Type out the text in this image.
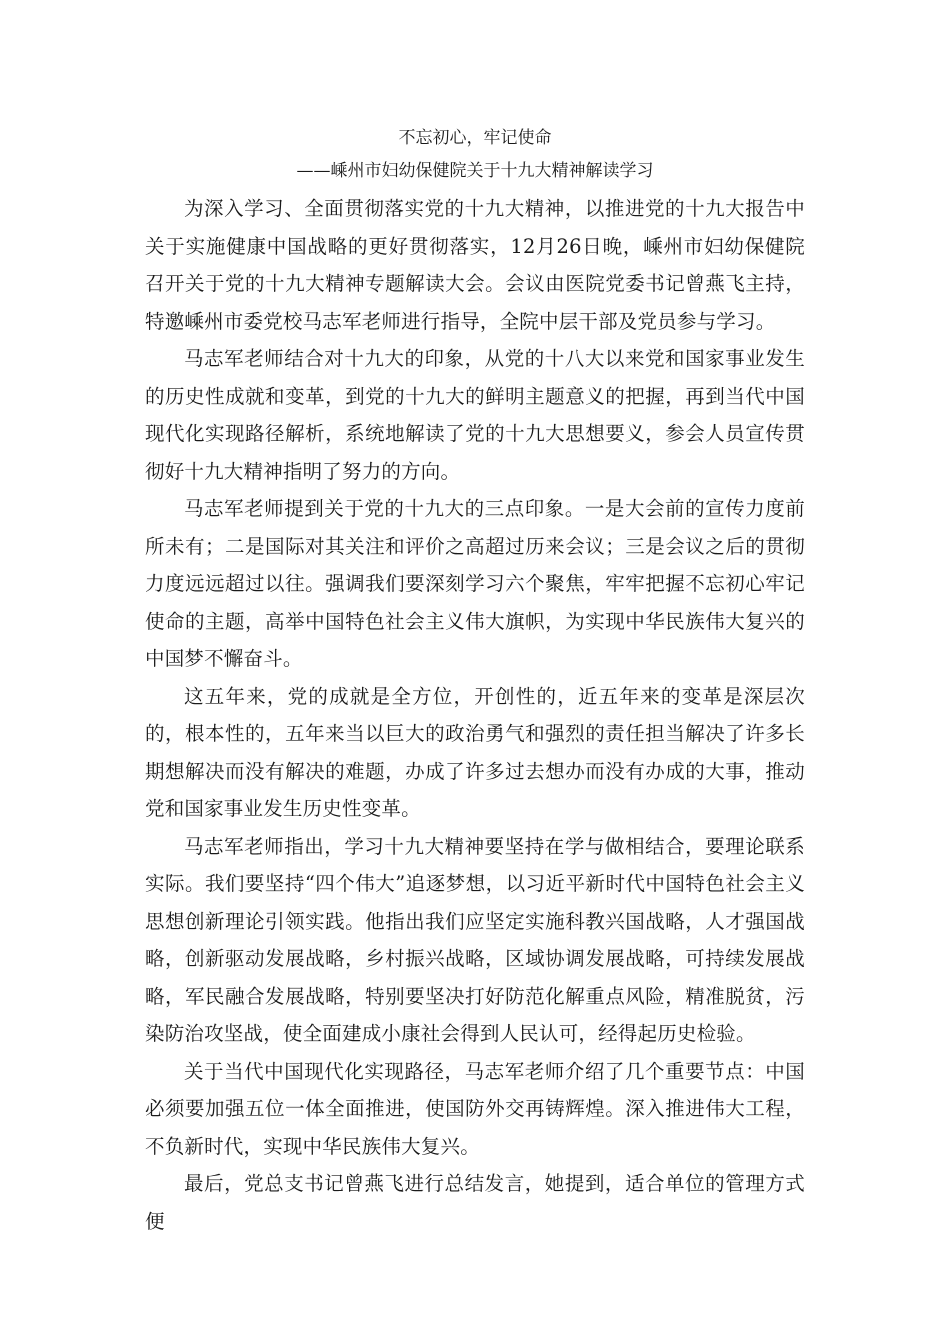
不忘初心，牢记使命
——嵊州市妇幼保健院关于十九大精神解读学习

为深入学习、全面贯彻落实党的十九大精神，以推进党的十九大报告中关于实施健康中国战略的更好贯彻落实，12月26日晚，嵊州市妇幼保健院召开关于党的十九大精神专题解读大会。会议由医院党委书记曾燕飞主持，特邀嵊州市委党校马志军老师进行指导，全院中层干部及党员参与学习。

马志军老师结合对十九大的印象，从党的十八大以来党和国家事业发生的历史性成就和变革，到党的十九大的鲜明主题意义的把握，再到当代中国现代化实现路径解析，系统地解读了党的十九大思想要义，参会人员宣传贯彻好十九大精神指明了努力的方向。

马志军老师提到关于党的十九大的三点印象。一是大会前的宣传力度前所未有；二是国际对其关注和评价之高超过历来会议；三是会议之后的贯彻力度远远超过以往。强调我们要深刻学习六个聚焦，牢牢把握不忘初心牢记使命的主题，高举中国特色社会主义伟大旗帜，为实现中华民族伟大复兴的中国梦不懈奋斗。

这五年来，党的成就是全方位，开创性的，近五年来的变革是深层次的，根本性的，五年来当以巨大的政治勇气和强烈的责任担当解决了许多长期想解决而没有解决的难题，办成了许多过去想办而没有办成的大事，推动党和国家事业发生历史性变革。

马志军老师指出，学习十九大精神要坚持在学与做相结合，要理论联系实际。我们要坚持“四个伟大”追逐梦想，以习近平新时代中国特色社会主义思想创新理论引领实践。他指出我们应坚定实施科教兴国战略，人才强国战略，创新驱动发展战略，乡村振兴战略，区域协调发展战略，可持续发展战略，军民融合发展战略，特别要坚决打好防范化解重点风险，精准脱贫，污染防治攻坚战，使全面建成小康社会得到人民认可，经得起历史检验。

关于当代中国现代化实现路径，马志军老师介绍了几个重要节点：中国必须要加强五位一体全面推进，使国防外交再铸辉煌。深入推进伟大工程，不负新时代，实现中华民族伟大复兴。

最后，党总支书记曾燕飞进行总结发言，她提到，适合单位的管理方式便
